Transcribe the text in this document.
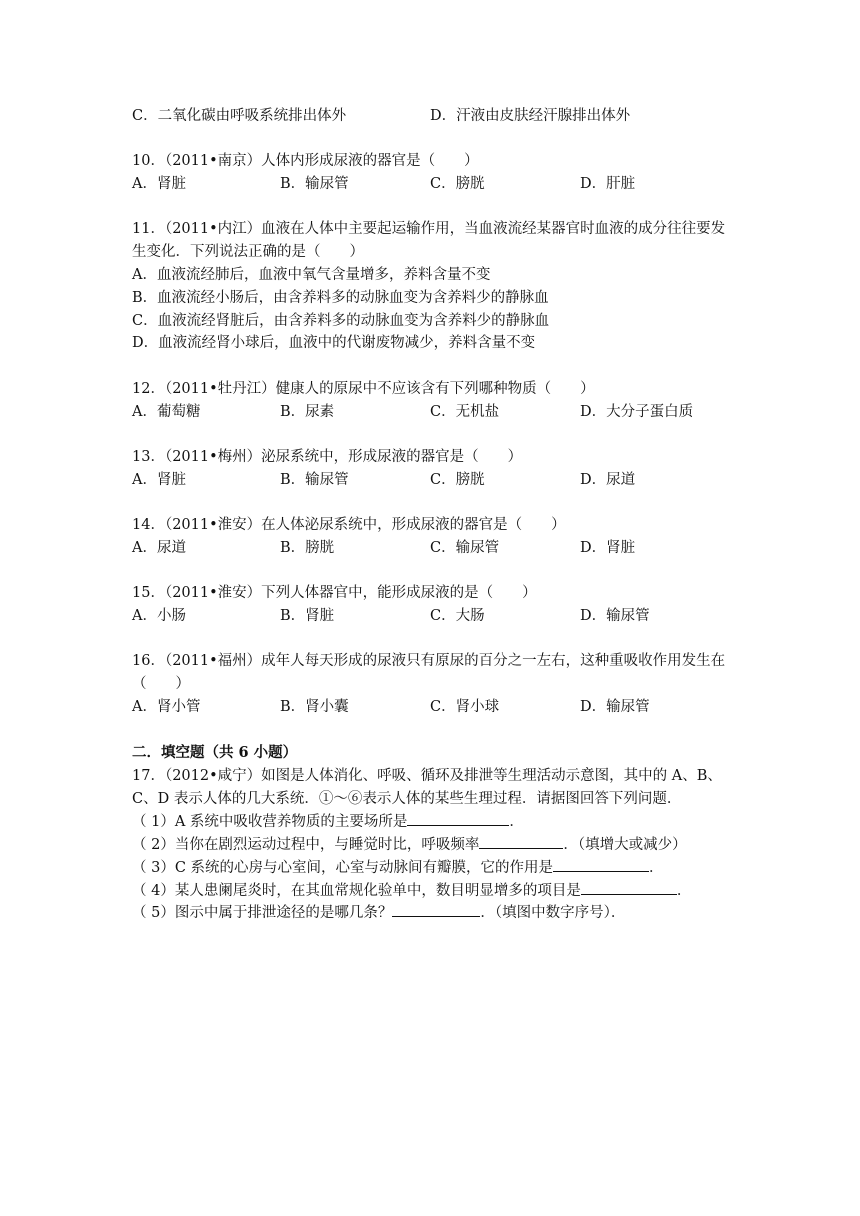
C．二氧化碳由呼吸系统排出体外	D．汗液由皮肤经汗腺排出体外
10．（2011•南京）人体内形成尿液的器官是（　　）
A．肾脏	B．输尿管	C．膀胱	D．肝脏
11．（2011•内江）血液在人体中主要起运输作用，当血液流经某器官时血液的成分往往要发
生变化．下列说法正确的是（　　）
A．血液流经肺后，血液中氧气含量增多，养料含量不变
B．血液流经小肠后，由含养料多的动脉血变为含养料少的静脉血
C．血液流经肾脏后，由含养料多的动脉血变为含养料少的静脉血
D．血液流经肾小球后，血液中的代谢废物减少，养料含量不变
12．（2011•牡丹江）健康人的原尿中不应该含有下列哪种物质（　　）
A．葡萄糖	B．尿素	C．无机盐	D．大分子蛋白质
13．（2011•梅州）泌尿系统中，形成尿液的器官是（　　）
A．肾脏	B．输尿管	C．膀胱	D．尿道
14．（2011•淮安）在人体泌尿系统中，形成尿液的器官是（　　）
A．尿道	B．膀胱	C．输尿管	D．肾脏
15．（2011•淮安）下列人体器官中，能形成尿液的是（　　）
A．小肠	B．肾脏	C．大肠	D．输尿管
16．（2011•福州）成年人每天形成的尿液只有原尿的百分之一左右，这种重吸收作用发生在
（　　）
A．肾小管	B．肾小囊	C．肾小球	D．输尿管
二．填空题（共 6 小题）
17．（2012•咸宁）如图是人体消化、呼吸、循环及排泄等生理活动示意图，其中的 A、B、
C、D 表示人体的几大系统．①～⑥表示人体的某些生理过程．请据图回答下列问题．
（ 1）A 系统中吸收营养物质的主要场所是	．
（ 2）当你在剧烈运动过程中，与睡觉时比，呼吸频率	．（填增大或减少）
（ 3）C 系统的心房与心室间，心室与动脉间有瓣膜，它的作用是	．
（ 4）某人患阑尾炎时，在其血常规化验单中，数目明显增多的项目是	．
（ 5）图示中属于排泄途径的是哪几条？	．（填图中数字序号）．
